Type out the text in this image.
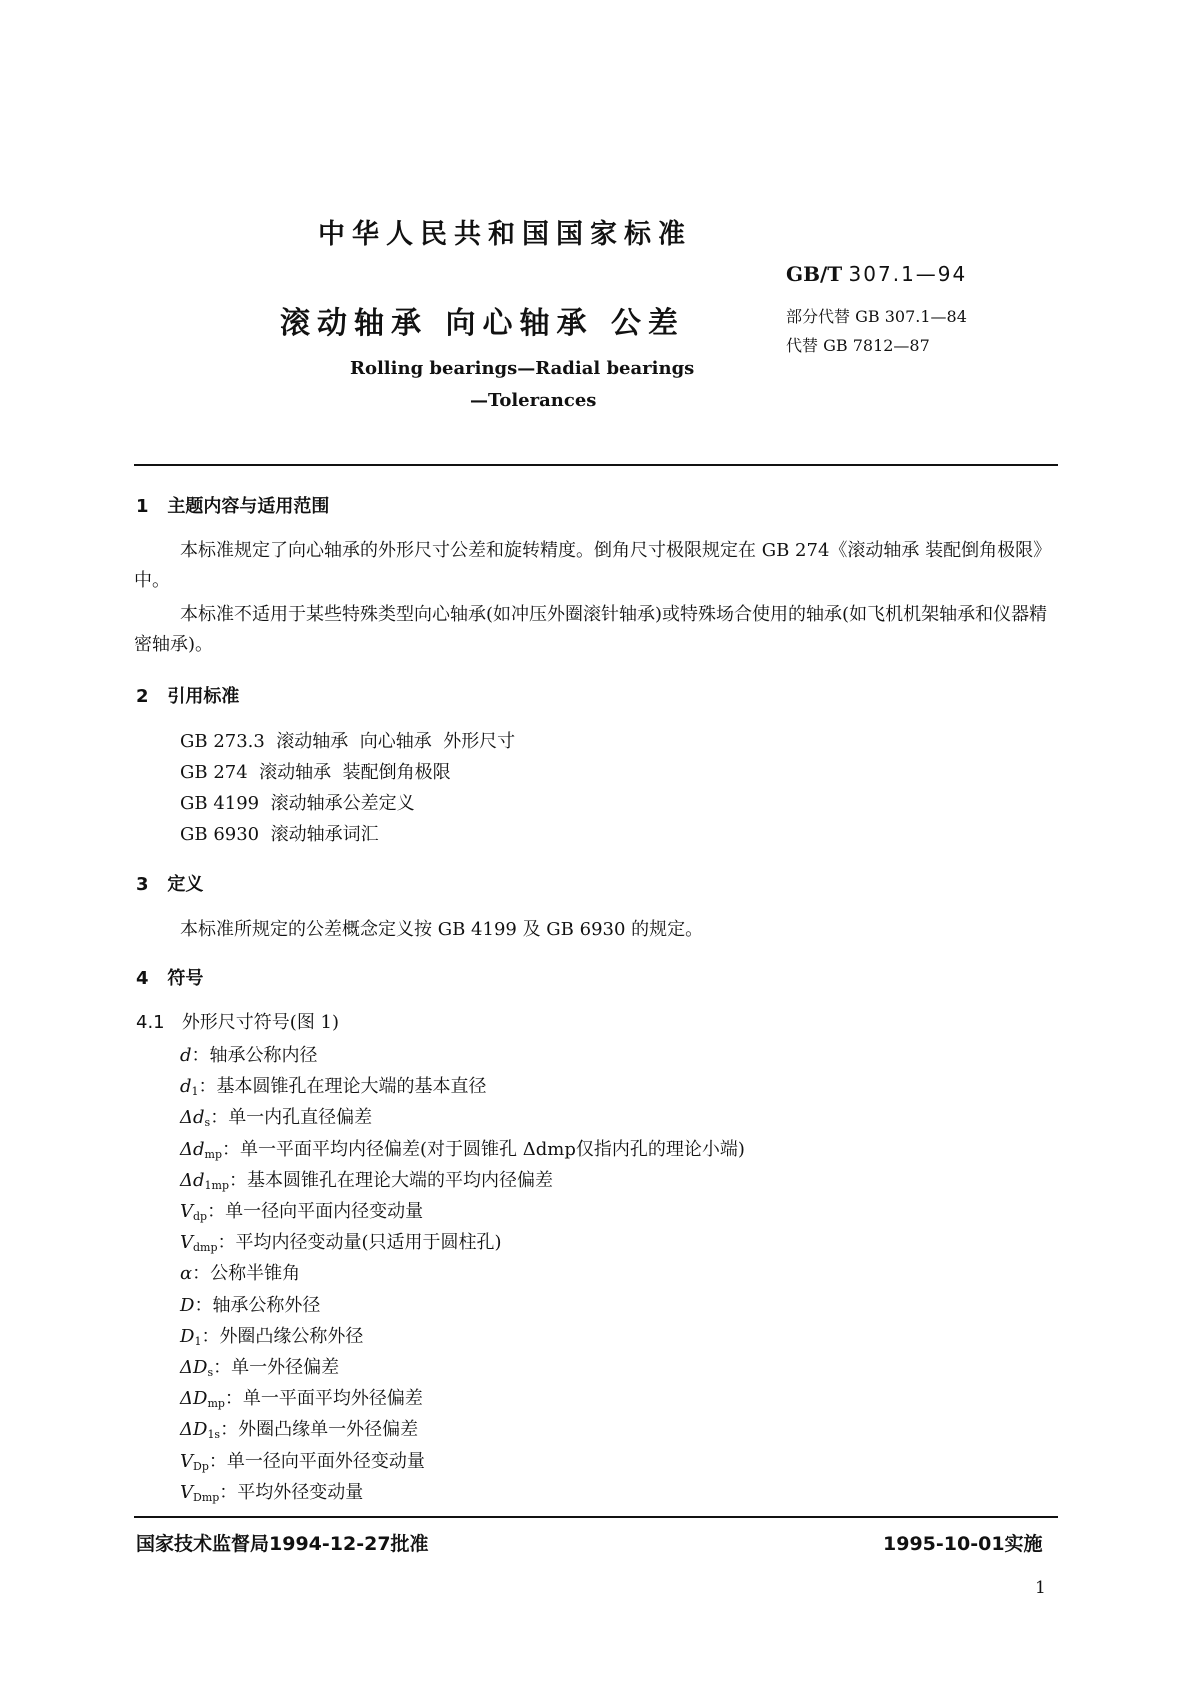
中华人民共和国国家标准
滚动轴承 向心轴承 公差
Rolling bearings—Radial bearings
—Tolerances
GB/T 307.1—94
部分代替 GB 307.1—84
代替 GB 7812—87
1 主题内容与适用范围
本标准规定了向心轴承的外形尺寸公差和旋转精度。倒角尺寸极限规定在 GB 274《滚动轴承 装配倒角极限》中。
本标准不适用于某些特殊类型向心轴承(如冲压外圈滚针轴承)或特殊场合使用的轴承(如飞机机架轴承和仪器精密轴承)。
2 引用标准
GB 273.3  滚动轴承  向心轴承  外形尺寸
GB 274  滚动轴承  装配倒角极限
GB 4199  滚动轴承公差定义
GB 6930  滚动轴承词汇
3 定义
本标准所规定的公差概念定义按 GB 4199 及 GB 6930 的规定。
4 符号
4.1 外形尺寸符号(图 1)
d：轴承公称内径
$d_1$：基本圆锥孔在理论大端的基本直径
$\Delta d_s$：单一内孔直径偏差
$\Delta d_{mp}$：单一平面平均内径偏差(对于圆锥孔 Δdmp仅指内孔的理论小端)
$\Delta d_{1mp}$：基本圆锥孔在理论大端的平均内径偏差
$V_{dp}$：单一径向平面内径变动量
$V_{dmp}$：平均内径变动量(只适用于圆柱孔)
α：公称半锥角
D：轴承公称外径
$D_1$：外圈凸缘公称外径
$\Delta D_s$：单一外径偏差
$\Delta D_{mp}$：单一平面平均外径偏差
$\Delta D_{1s}$：外圈凸缘单一外径偏差
$V_{Dp}$：单一径向平面外径变动量
$V_{Dmp}$：平均外径变动量
国家技术监督局1994-12-27批准	1995-10-01实施
1
